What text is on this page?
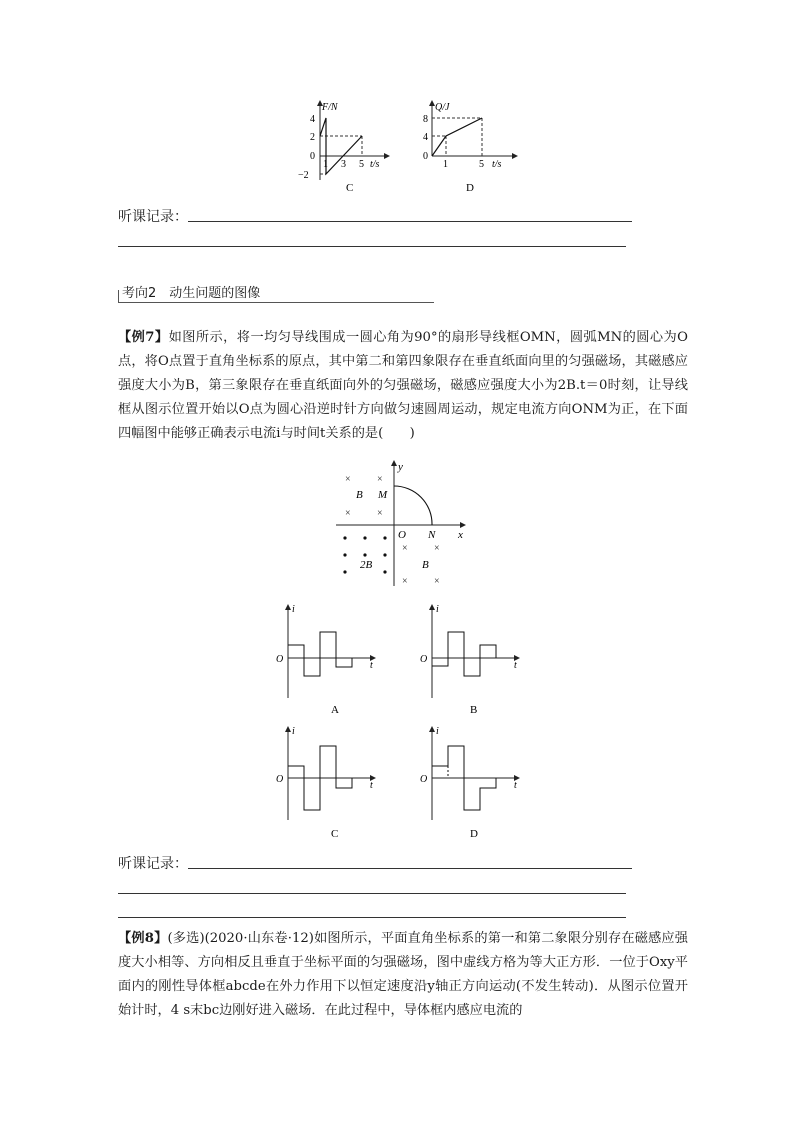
F/N
4
2
0
−2
1 3 5 t/s
C
Q/J
8
4
0
1	5 t/s
D
听课记录：
考向2　动生问题的图像

【例7】如图所示，将一均匀导线围成一圆心角为90°的扇形导线框OMN，圆弧MN的圆心为O点，将O点置于直角坐标系的原点，其中第二和第四象限存在垂直纸面向里的匀强磁场，其磁感应强度大小为B，第三象限存在垂直纸面向外的匀强磁场，磁感应强度大小为2B.t＝0时刻，让导线框从图示位置开始以O点为圆心沿逆时针方向做匀速圆周运动，规定电流方向ONM为正，在下面四幅图中能够正确表示电流i与时间t关系的是(　　)

×	×
×	×
×	×
×	×
B M
y
x
O N
B
2B
i
O
t
A
i
O
t
B
i
O
t
C
i
O
t
D
听课记录：

【例8】(多选)(2020·山东卷·12)如图所示，平面直角坐标系的第一和第二象限分别存在磁感应强度大小相等、方向相反且垂直于坐标平面的匀强磁场，图中虚线方格为等大正方形．一位于Oxy平面内的刚性导体框abcde在外力作用下以恒定速度沿y轴正方向运动(不发生转动)．从图示位置开始计时，4 s末bc边刚好进入磁场．在此过程中，导体框内感应电流的
